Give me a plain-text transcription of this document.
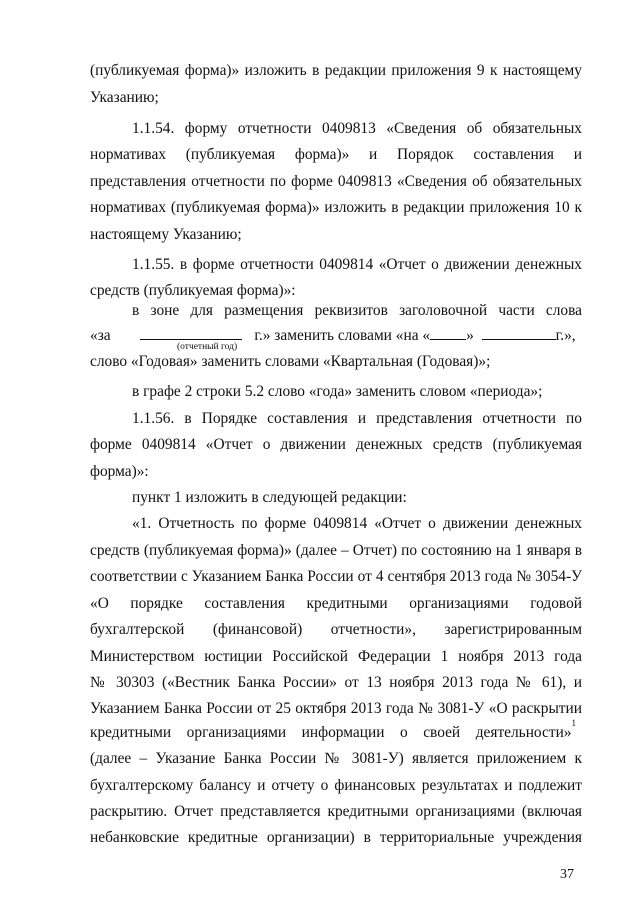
(публикуемая форма)» изложить в редакции приложения 9 к настоящему
Указанию;
1.1.54. форму отчетности 0409813 «Сведения об обязательных
нормативах (публикуемая форма)» и Порядок составления и
представления отчетности по форме 0409813 «Сведения об обязательных
нормативах (публикуемая форма)» изложить в редакции приложения 10 к
настоящему Указанию;
1.1.55. в форме отчетности 0409814 «Отчет о движении денежных
средств (публикуемая форма)»:
в зоне для размещения реквизитов заголовочной части слова
«за	г.» заменить словами «на « »	г.»,
(отчетный год)
слово «Годовая» заменить словами «Квартальная (Годовая)»;
в графе 2 строки 5.2 слово «года» заменить словом «периода»;
1.1.56. в Порядке составления и представления отчетности по
форме 0409814 «Отчет о движении денежных средств (публикуемая
форма)»:
пункт 1 изложить в следующей редакции:
«1. Отчетность по форме 0409814 «Отчет о движении денежных
средств (публикуемая форма)» (далее – Отчет) по состоянию на 1 января в
соответствии с Указанием Банка России от 4 сентября 2013 года № 3054-У
«О порядке составления кредитными организациями годовой
бухгалтерской (финансовой) отчетности», зарегистрированным
Министерством юстиции Российской Федерации 1 ноября 2013 года
№ 30303 («Вестник Банка России» от 13 ноября 2013 года № 61), и
Указанием Банка России от 25 октября 2013 года № 3081-У «О раскрытии
кредитными организациями информации о своей деятельности»
1
(далее – Указание Банка России № 3081-У) является приложением к
бухгалтерскому балансу и отчету о финансовых результатах и подлежит
раскрытию. Отчет представляется кредитными организациями (включая
небанковские кредитные организации) в территориальные учреждения
37
